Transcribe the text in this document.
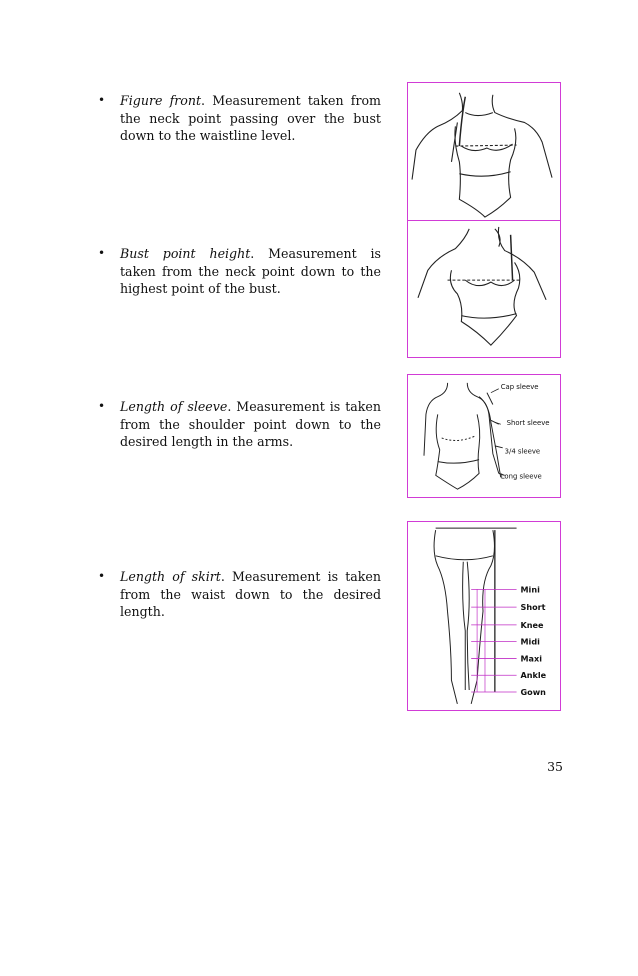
• Figure front. Measurement taken from the neck point passing over the bust down to the waistline level.
• Bust point height. Measurement is taken from the neck point down to the highest point of the bust.
• Length of sleeve. Measurement is taken from the shoulder point down to the desired length in the arms.
• Length of skirt. Measurement is taken from the waist down to the desired length.
Cap sleeve
Short sleeve
3/4 sleeve
Long sleeve
Mini
Short
Knee
Midi
Maxi
Ankle
Gown
35
